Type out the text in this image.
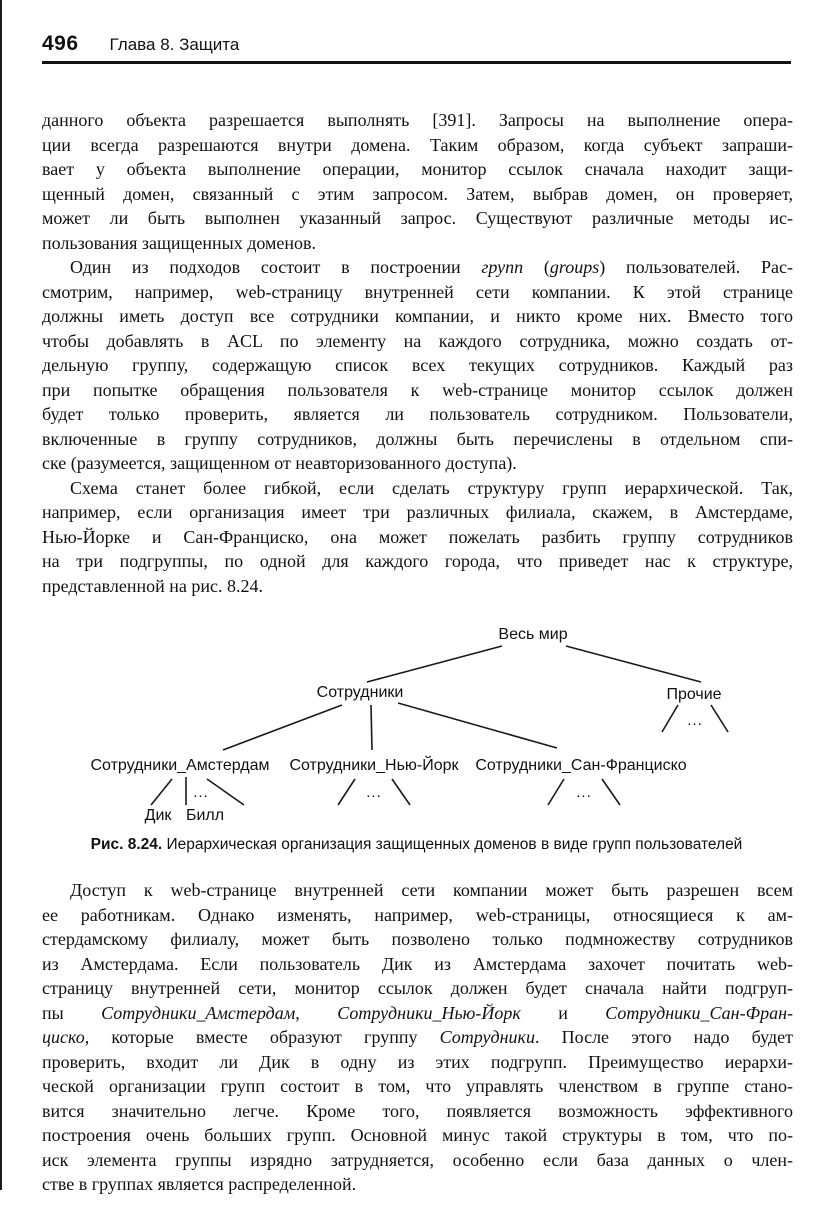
496 Глава 8. Защита
данного объекта разрешается выполнять [391]. Запросы на выполнение опера-
ции всегда разрешаются внутри домена. Таким образом, когда субъект запраши-
вает у объекта выполнение операции, монитор ссылок сначала находит защи-
щенный домен, связанный с этим запросом. Затем, выбрав домен, он проверяет,
может ли быть выполнен указанный запрос. Существуют различные методы ис-
пользования защищенных доменов.
Один из подходов состоит в построении групп (groups) пользователей. Рас-
смотрим, например, web-страницу внутренней сети компании. К этой странице
должны иметь доступ все сотрудники компании, и никто кроме них. Вместо того
чтобы добавлять в ACL по элементу на каждого сотрудника, можно создать от-
дельную группу, содержащую список всех текущих сотрудников. Каждый раз
при попытке обращения пользователя к web-странице монитор ссылок должен
будет только проверить, является ли пользователь сотрудником. Пользователи,
включенные в группу сотрудников, должны быть перечислены в отдельном спи-
ске (разумеется, защищенном от неавторизованного доступа).
Схема станет более гибкой, если сделать структуру групп иерархической. Так,
например, если организация имеет три различных филиала, скажем, в Амстердаме,
Нью-Йорке и Сан-Франциско, она может пожелать разбить группу сотрудников
на три подгруппы, по одной для каждого города, что приведет нас к структуре,
представленной на рис. 8.24.
Весь мир
Сотрудники	Прочие
Сотрудники_Амстердам Сотрудники_Нью-Йорк Сотрудники_Сан-Франциско
Дик Билл
...
...	...	...
Рис. 8.24. Иерархическая организация защищенных доменов в виде групп пользователей
Доступ к web-странице внутренней сети компании может быть разрешен всем
ее работникам. Однако изменять, например, web-страницы, относящиеся к ам-
стердамскому филиалу, может быть позволено только подмножеству сотрудников
из Амстердама. Если пользователь Дик из Амстердама захочет почитать web-
страницу внутренней сети, монитор ссылок должен будет сначала найти подгруп-
пы Сотрудники_Амстердам, Сотрудники_Нью-Йорк и Сотрудники_Сан-Фран-
циско, которые вместе образуют группу Сотрудники. После этого надо будет
проверить, входит ли Дик в одну из этих подгрупп. Преимущество иерархи-
ческой организации групп состоит в том, что управлять членством в группе стано-
вится значительно легче. Кроме того, появляется возможность эффективного
построения очень больших групп. Основной минус такой структуры в том, что по-
иск элемента группы изрядно затрудняется, особенно если база данных о член-
стве в группах является распределенной.
